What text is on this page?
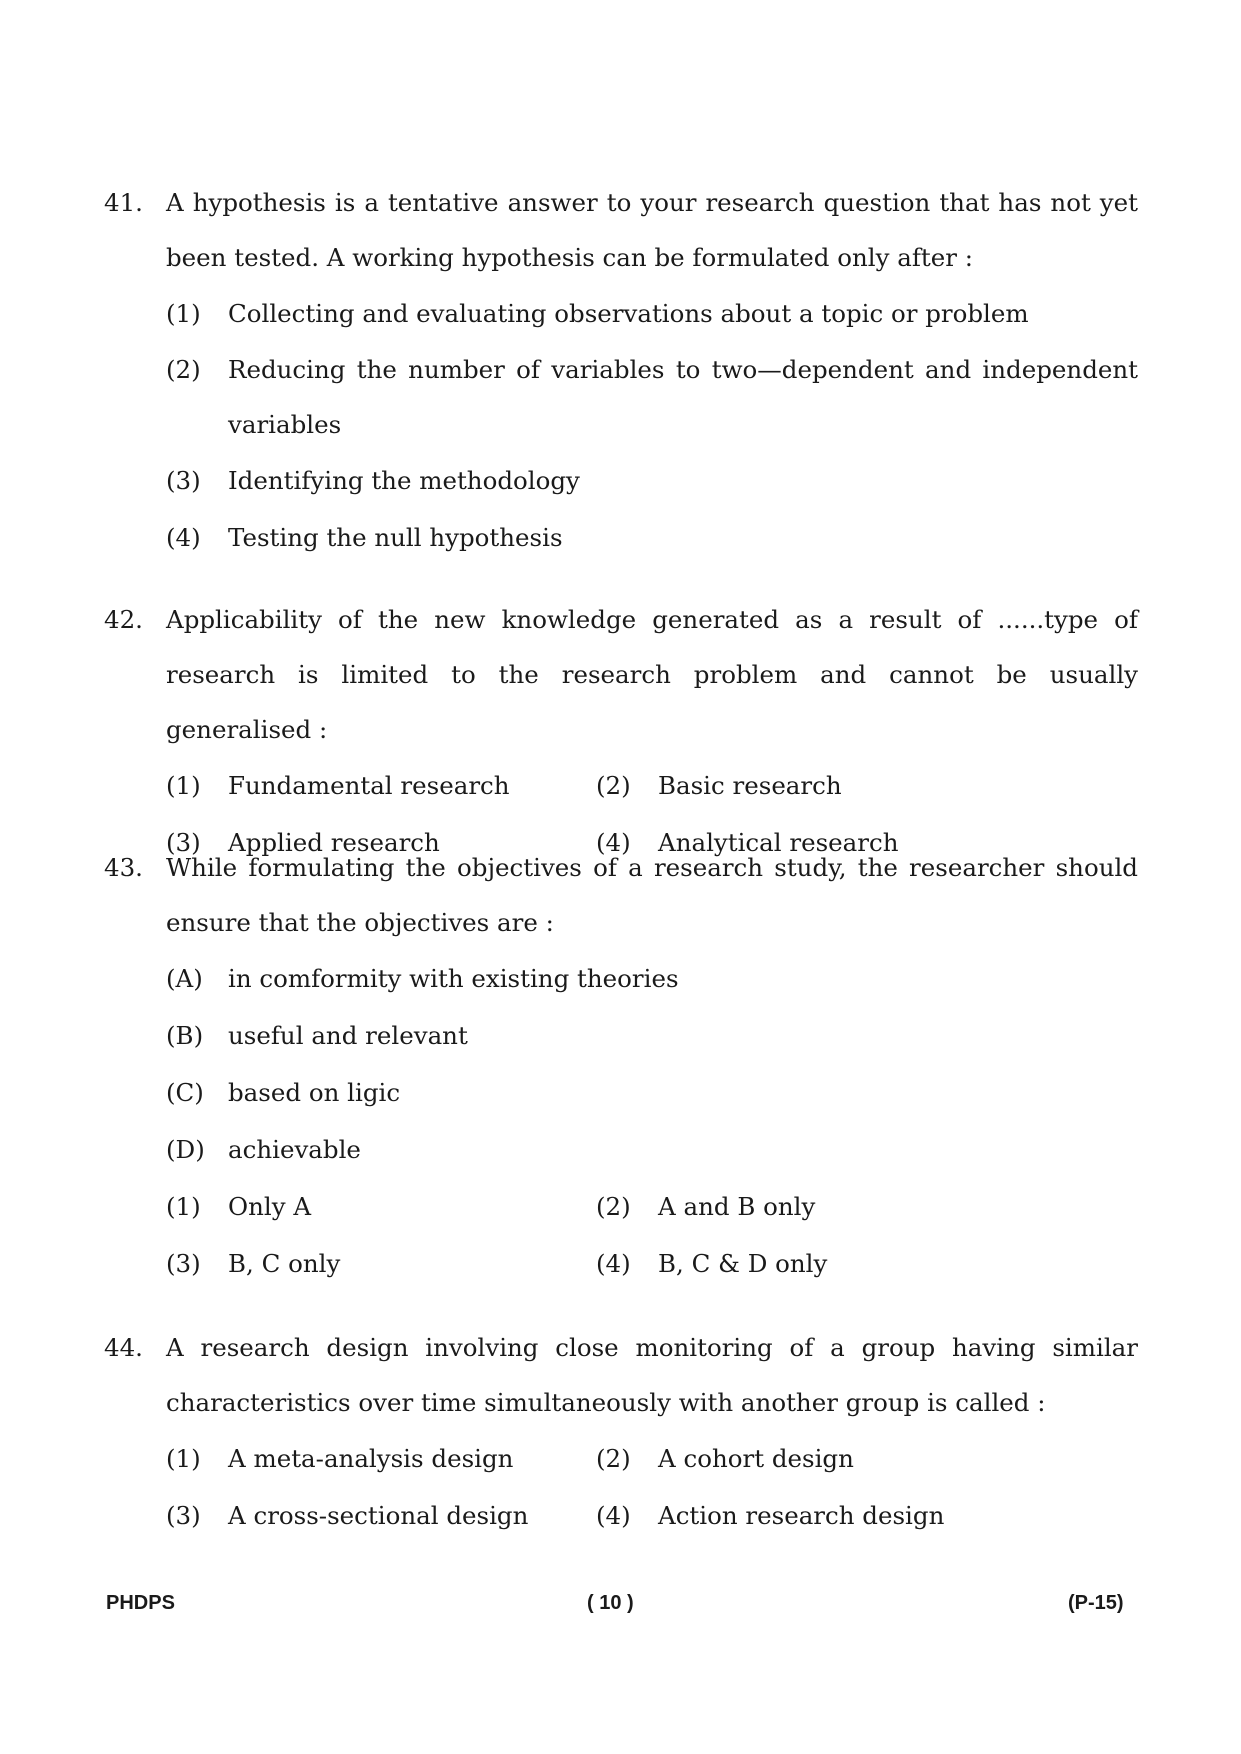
41. A hypothesis is a tentative answer to your research question that has not yet been tested. A working hypothesis can be formulated only after :
(1) Collecting and evaluating observations about a topic or problem
(2) Reducing the number of variables to two—dependent and independent variables
(3) Identifying the methodology
(4) Testing the null hypothesis
42. Applicability of the new knowledge generated as a result of ......type of research is limited to the research problem and cannot be usually generalised :
(1) Fundamental research	(2) Basic research
(3) Applied research	(4) Analytical research
43. While formulating the objectives of a research study, the researcher should ensure that the objectives are :
(A) in comformity with existing theories
(B) useful and relevant
(C) based on ligic
(D) achievable
(1) Only A	(2) A and B only
(3) B, C only	(4) B, C & D only
44. A research design involving close monitoring of a group having similar characteristics over time simultaneously with another group is called :
(1) A meta-analysis design	(2) A cohort design
(3) A cross-sectional design	(4) Action research design
PHDPS	( 10 )	(P-15)
